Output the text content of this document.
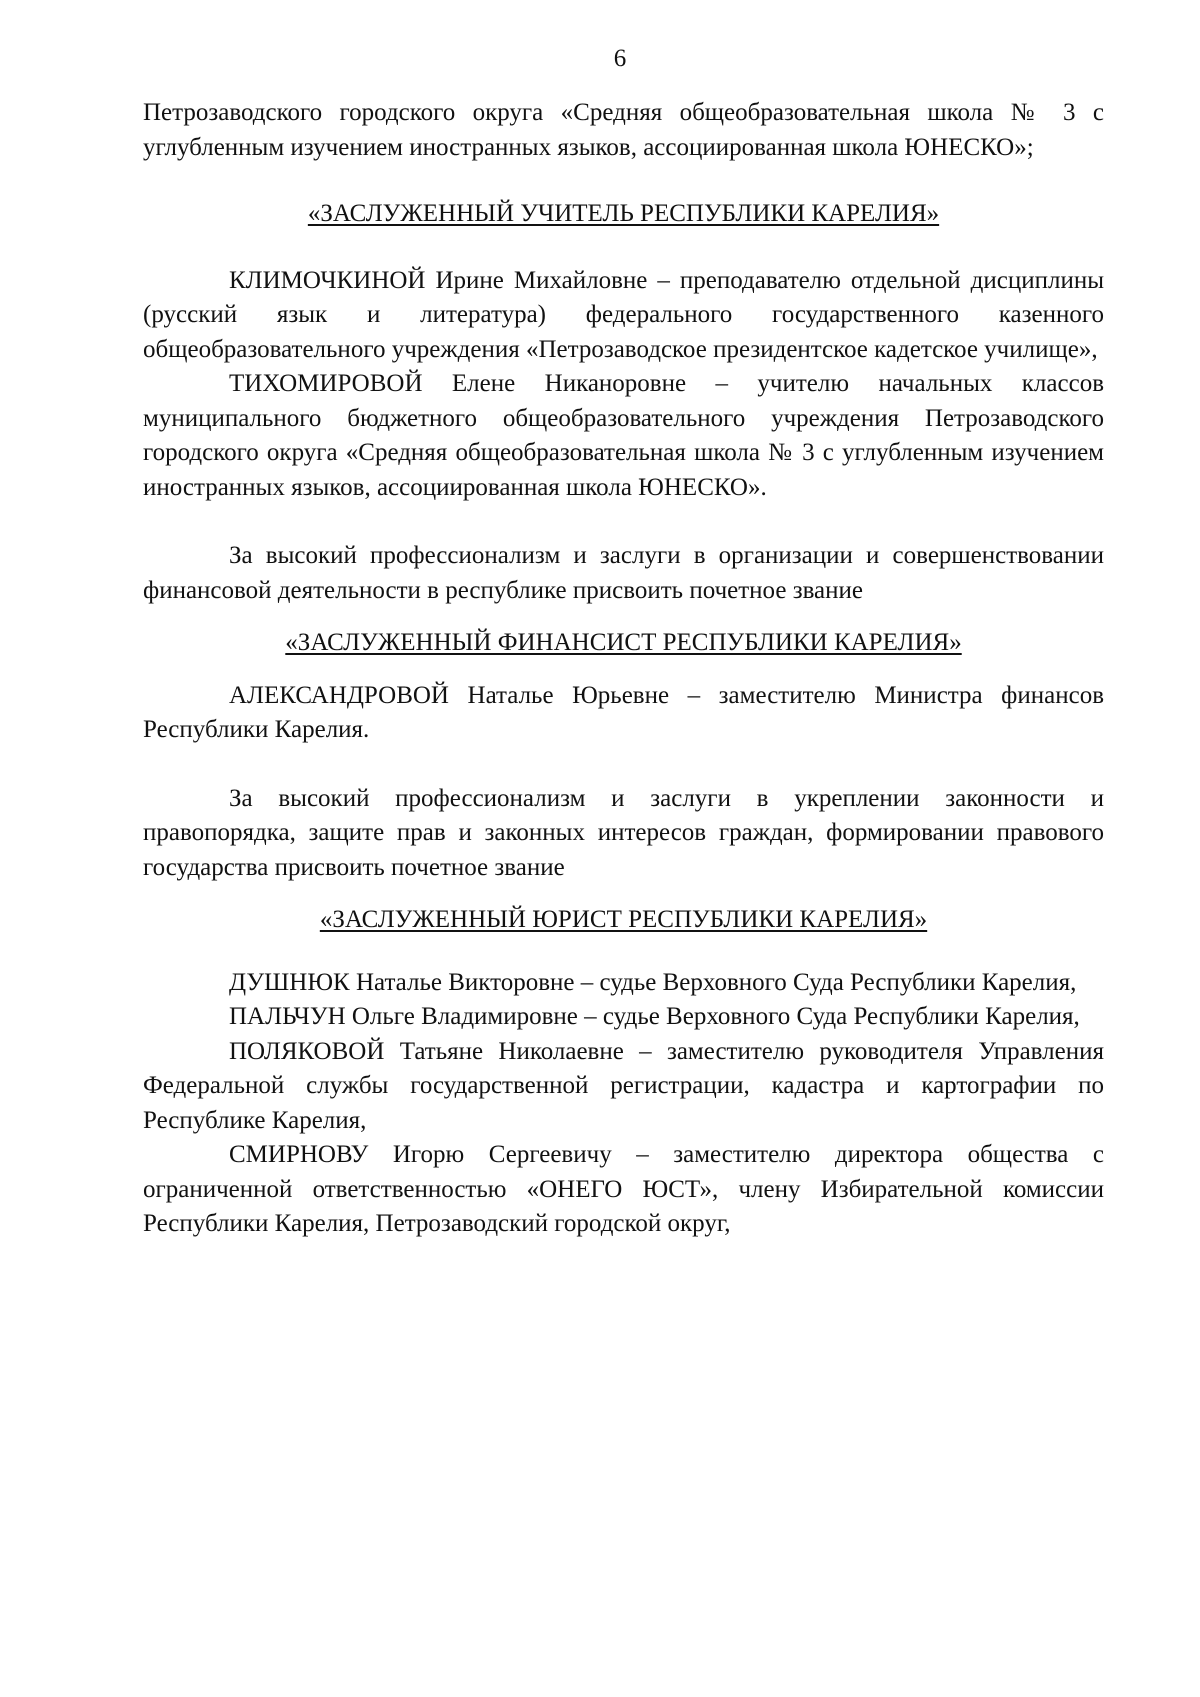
6

Петрозаводского городского округа «Средняя общеобразовательная школа № 3 с углубленным изучением иностранных языков, ассоциированная школа ЮНЕСКО»;

«ЗАСЛУЖЕННЫЙ УЧИТЕЛЬ РЕСПУБЛИКИ КАРЕЛИЯ»

КЛИМОЧКИНОЙ Ирине Михайловне – преподавателю отдельной дисциплины (русский язык и литература) федерального государственного казенного общеобразовательного учреждения «Петрозаводское президентское кадетское училище»,

ТИХОМИРОВОЙ Елене Никаноровне – учителю начальных классов муниципального бюджетного общеобразовательного учреждения Петрозаводского городского округа «Средняя общеобразовательная школа № 3 с углубленным изучением иностранных языков, ассоциированная школа ЮНЕСКО».

За высокий профессионализм и заслуги в организации и совершенствовании финансовой деятельности в республике присвоить почетное звание

«ЗАСЛУЖЕННЫЙ ФИНАНСИСТ РЕСПУБЛИКИ КАРЕЛИЯ»

АЛЕКСАНДРОВОЙ Наталье Юрьевне – заместителю Министра финансов Республики Карелия.

За высокий профессионализм и заслуги в укреплении законности и правопорядка, защите прав и законных интересов граждан, формировании правового государства присвоить почетное звание

«ЗАСЛУЖЕННЫЙ ЮРИСТ РЕСПУБЛИКИ КАРЕЛИЯ»

ДУШНЮК Наталье Викторовне – судье Верховного Суда Республики Карелия,

ПАЛЬЧУН Ольге Владимировне – судье Верховного Суда Республики Карелия,

ПОЛЯКОВОЙ Татьяне Николаевне – заместителю руководителя Управления Федеральной службы государственной регистрации, кадастра и картографии по Республике Карелия,

СМИРНОВУ Игорю Сергеевичу – заместителю директора общества с ограниченной ответственностью «ОНЕГО ЮСТ», члену Избирательной комиссии Республики Карелия, Петрозаводский городской округ,
